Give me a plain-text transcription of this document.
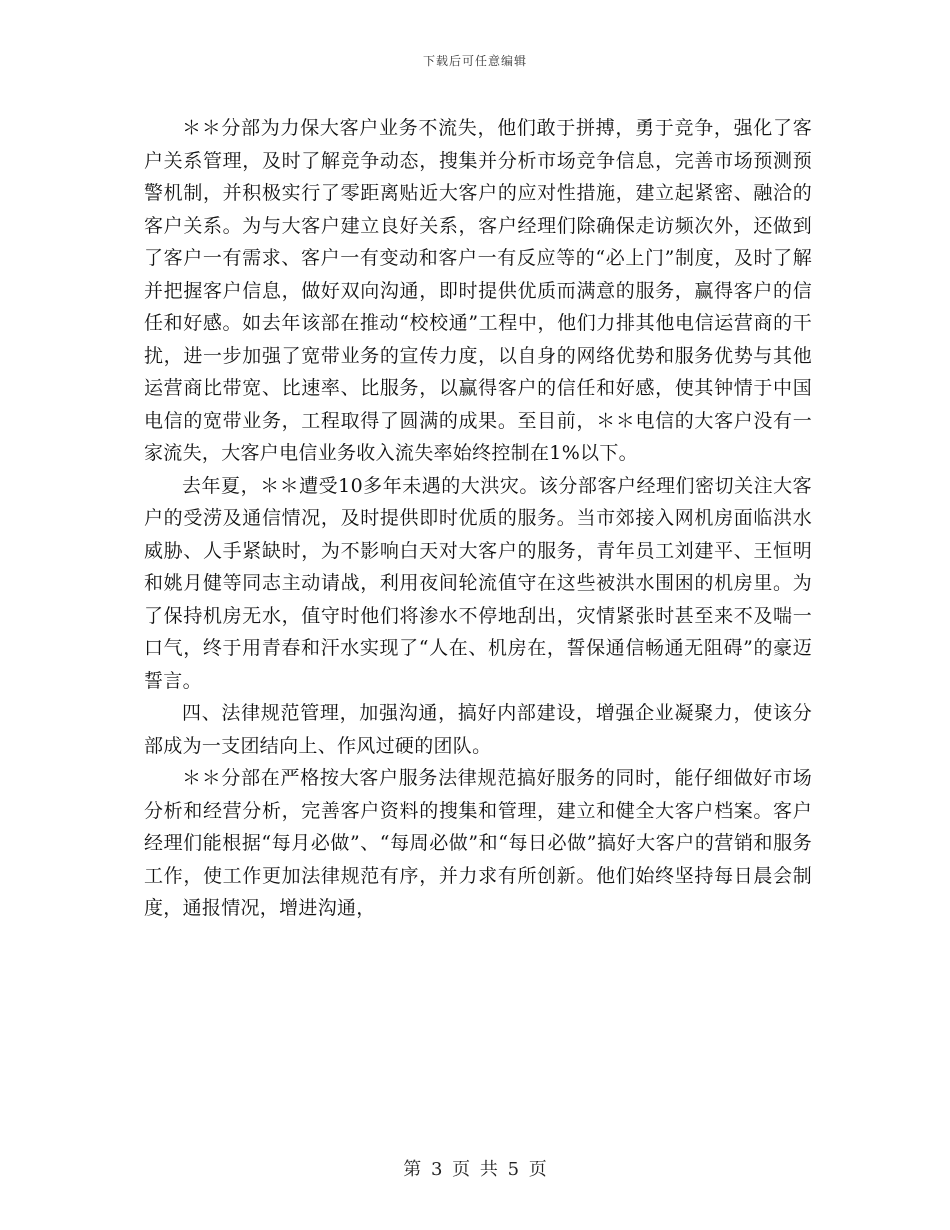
下载后可任意编辑

＊＊分部为力保大客户业务不流失，他们敢于拼搏，勇于竞争，强化了客户关系管理，及时了解竞争动态，搜集并分析市场竞争信息，完善市场预测预警机制，并积极实行了零距离贴近大客户的应对性措施，建立起紧密、融洽的客户关系。为与大客户建立良好关系，客户经理们除确保走访频次外，还做到了客户一有需求、客户一有变动和客户一有反应等的“必上门”制度，及时了解并把握客户信息，做好双向沟通，即时提供优质而满意的服务，赢得客户的信任和好感。如去年该部在推动“校校通”工程中，他们力排其他电信运营商的干扰，进一步加强了宽带业务的宣传力度，以自身的网络优势和服务优势与其他运营商比带宽、比速率、比服务，以赢得客户的信任和好感，使其钟情于中国电信的宽带业务，工程取得了圆满的成果。至目前，＊＊电信的大客户没有一家流失，大客户电信业务收入流失率始终控制在1%以下。

去年夏，＊＊遭受10多年未遇的大洪灾。该分部客户经理们密切关注大客户的受涝及通信情况，及时提供即时优质的服务。当市郊接入网机房面临洪水威胁、人手紧缺时，为不影响白天对大客户的服务，青年员工刘建平、王恒明和姚月健等同志主动请战，利用夜间轮流值守在这些被洪水围困的机房里。为了保持机房无水，值守时他们将渗水不停地刮出，灾情紧张时甚至来不及喘一口气，终于用青春和汗水实现了“人在、机房在，誓保通信畅通无阻碍”的豪迈誓言。

四、法律规范管理，加强沟通，搞好内部建设，增强企业凝聚力，使该分部成为一支团结向上、作风过硬的团队。

＊＊分部在严格按大客户服务法律规范搞好服务的同时，能仔细做好市场分析和经营分析，完善客户资料的搜集和管理，建立和健全大客户档案。客户经理们能根据“每月必做”、“每周必做”和“每日必做”搞好大客户的营销和服务工作，使工作更加法律规范有序，并力求有所创新。他们始终坚持每日晨会制度，通报情况，增进沟通，

第 3 页 共 5 页
